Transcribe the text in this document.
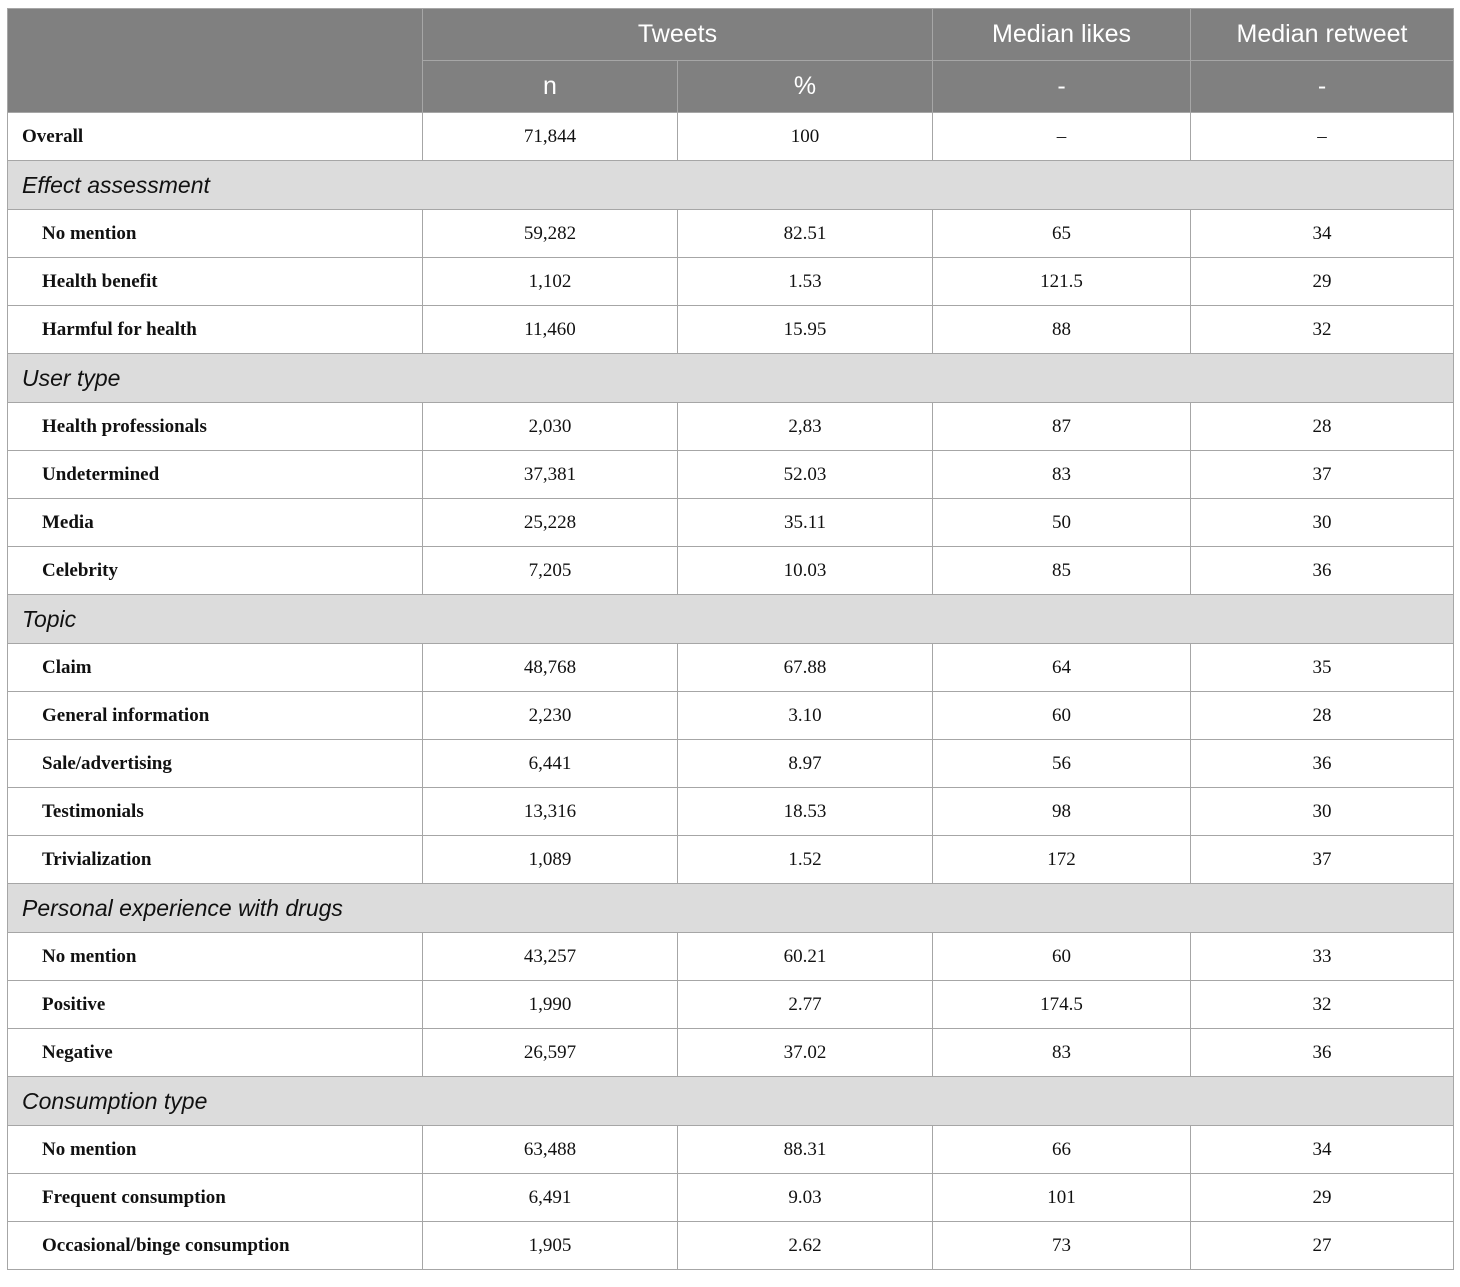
	Tweets		Median likes	Median retweet
	n	%	-	-
Overall	71,844	100	–	–
Effect assessment				
No mention	59,282	82.51	65	34
Health benefit	1,102	1.53	121.5	29
Harmful for health	11,460	15.95	88	32
User type				
Health professionals	2,030	2,83	87	28
Undetermined	37,381	52.03	83	37
Media	25,228	35.11	50	30
Celebrity	7,205	10.03	85	36
Topic				
Claim	48,768	67.88	64	35
General information	2,230	3.10	60	28
Sale/advertising	6,441	8.97	56	36
Testimonials	13,316	18.53	98	30
Trivialization	1,089	1.52	172	37
Personal experience with drugs				
No mention	43,257	60.21	60	33
Positive	1,990	2.77	174.5	32
Negative	26,597	37.02	83	36
Consumption type				
No mention	63,488	88.31	66	34
Frequent consumption	6,491	9.03	101	29
Occasional/binge consumption	1,905	2.62	73	27
